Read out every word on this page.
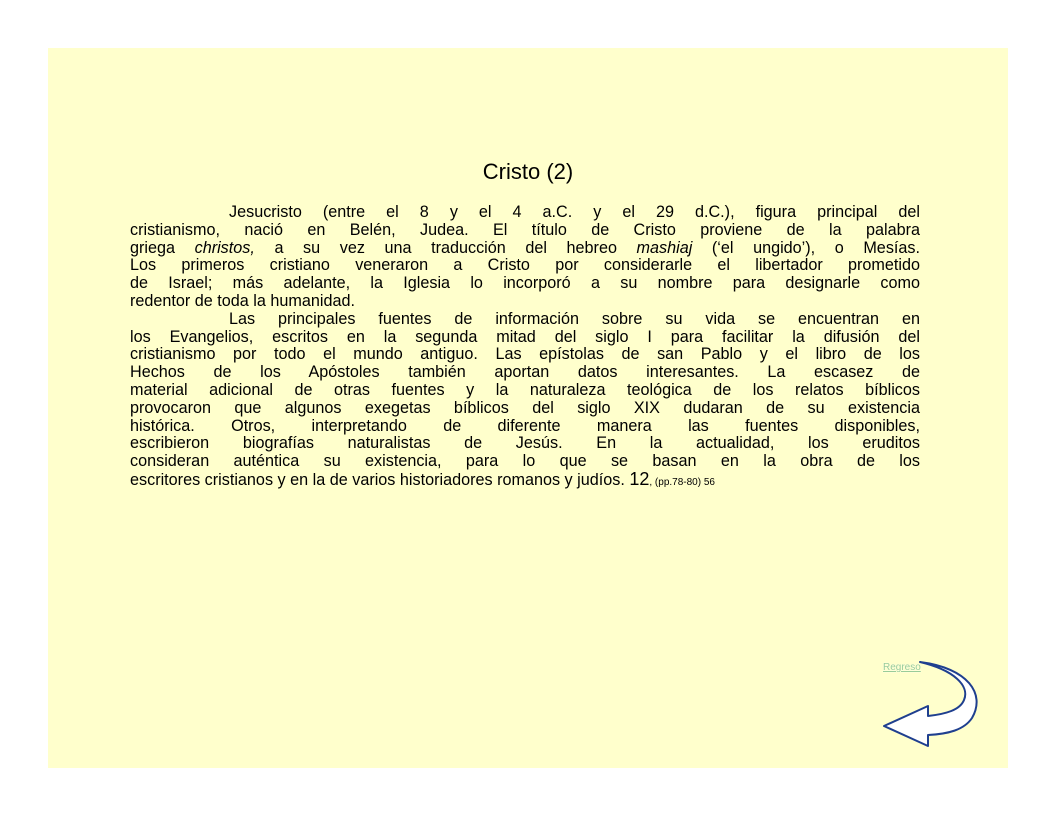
Cristo (2)
Jesucristo (entre el 8 y el 4 a.C. y el 29 d.C.), figura principal del
cristianismo, nació en Belén, Judea. El título de Cristo proviene de la palabra
griega christos, a su vez una traducción del hebreo mashiaj (‘el ungido’), o Mesías.
Los primeros cristiano veneraron a Cristo por considerarle el libertador prometido
de Israel; más adelante, la Iglesia lo incorporó a su nombre para designarle como
redentor de toda la humanidad.
Las principales fuentes de información sobre su vida se encuentran en
los Evangelios, escritos en la segunda mitad del siglo I para facilitar la difusión del
cristianismo por todo el mundo antiguo. Las epístolas de san Pablo y el libro de los
Hechos de los Apóstoles también aportan datos interesantes. La escasez de
material adicional de otras fuentes y la naturaleza teológica de los relatos bíblicos
provocaron que algunos exegetas bíblicos del siglo XIX dudaran de su existencia
histórica. Otros, interpretando de diferente manera las fuentes disponibles,
escribieron biografías naturalistas de Jesús. En la actualidad, los eruditos
consideran auténtica su existencia, para lo que se basan en la obra de los
escritores cristianos y en la de varios historiadores romanos y judíos. 12, (pp.78-80) 56
Regreso
